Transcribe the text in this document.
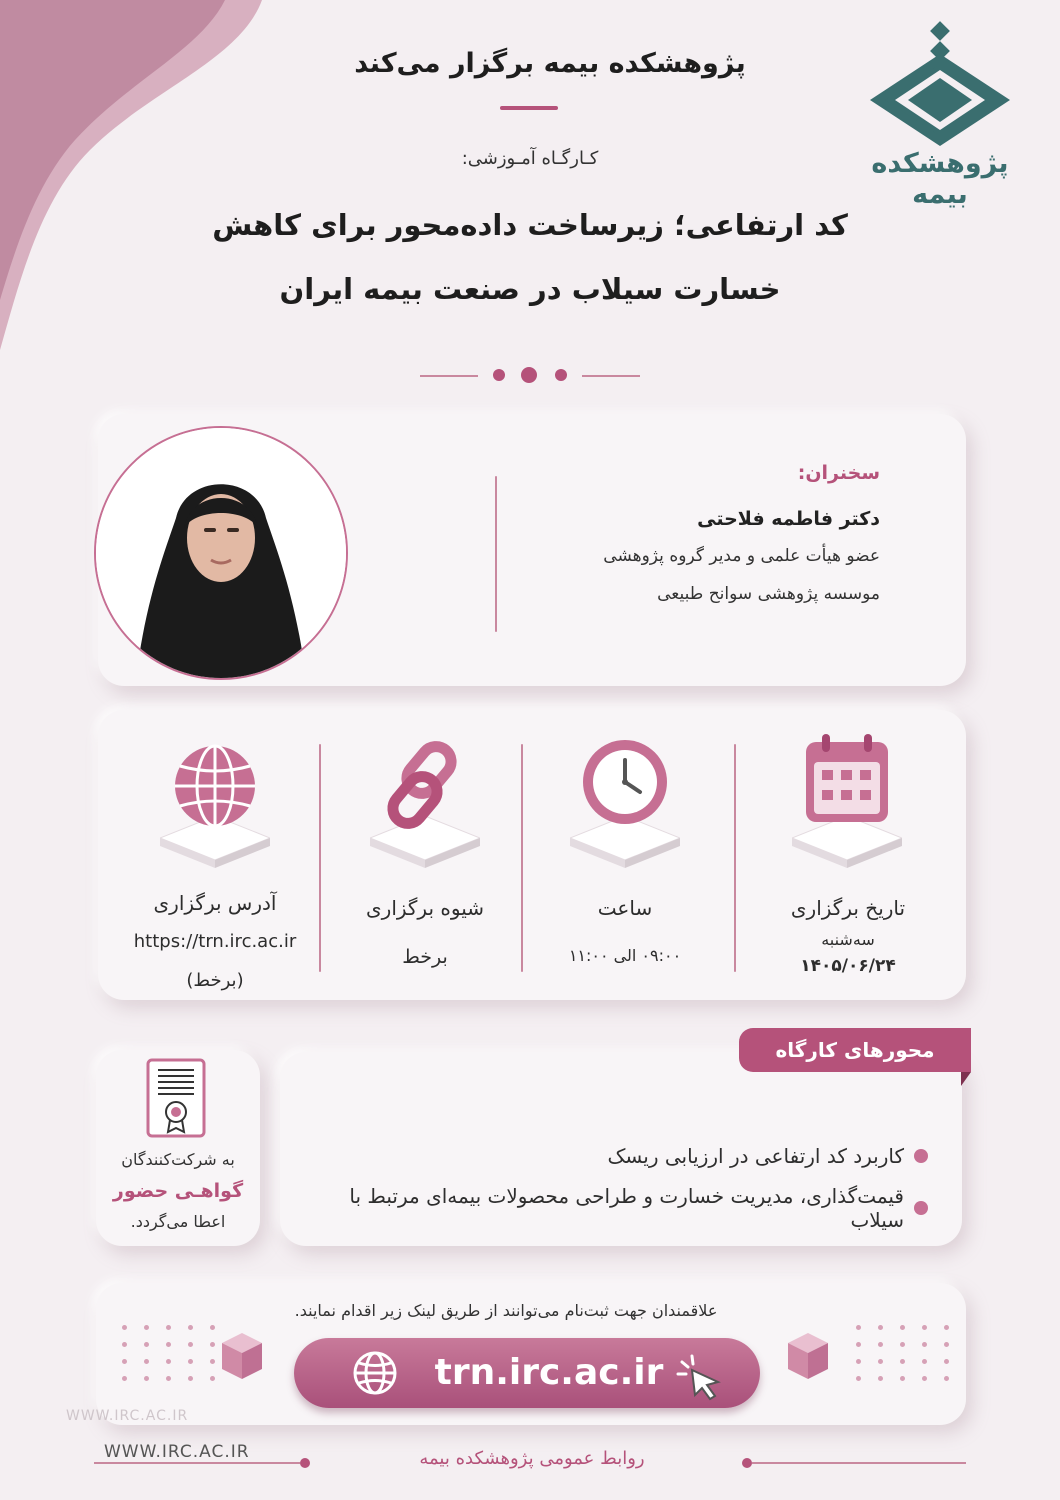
پژوهشکده بیمه
پژوهشکده بیمه برگزار می‌کند
کـارگـاه آمـوزشی:
کد ارتفاعی؛ زیرساخت داده‌محور برای کاهش
خسارت سیلاب در صنعت بیمه ایران
سخنران:
دکتر فاطمه فلاحتی
عضو هیأت علمی و مدیر گروه پژوهشی
موسسه پژوهشی سوانح طبیعی
آدرس برگزاری
https://trn.irc.ac.ir
(برخط)
شیوه برگزاری
برخط
ساعت
۰۹:۰۰ الی ۱۱:۰۰
تاریخ برگزاری
سه‌شنبه
۱۴۰۵/۰۶/۲۴
به شرکت‌کنندگان
گواهـی حضور
اعطا می‌گردد.
کاربرد کد ارتفاعی در ارزیابی ریسک
قیمت‌گذاری، مدیریت خسارت و طراحی محصولات بیمه‌ای مرتبط با سیلاب
محورهای کارگاه
علاقمندان جهت ثبت‌نام می‌توانند از طریق لینک زیر اقدام نمایند.
trn.irc.ac.ir
WWW.IRC.AC.IR
WWW.IRC.AC.IR	روابط عمومی پژوهشکده بیمه
